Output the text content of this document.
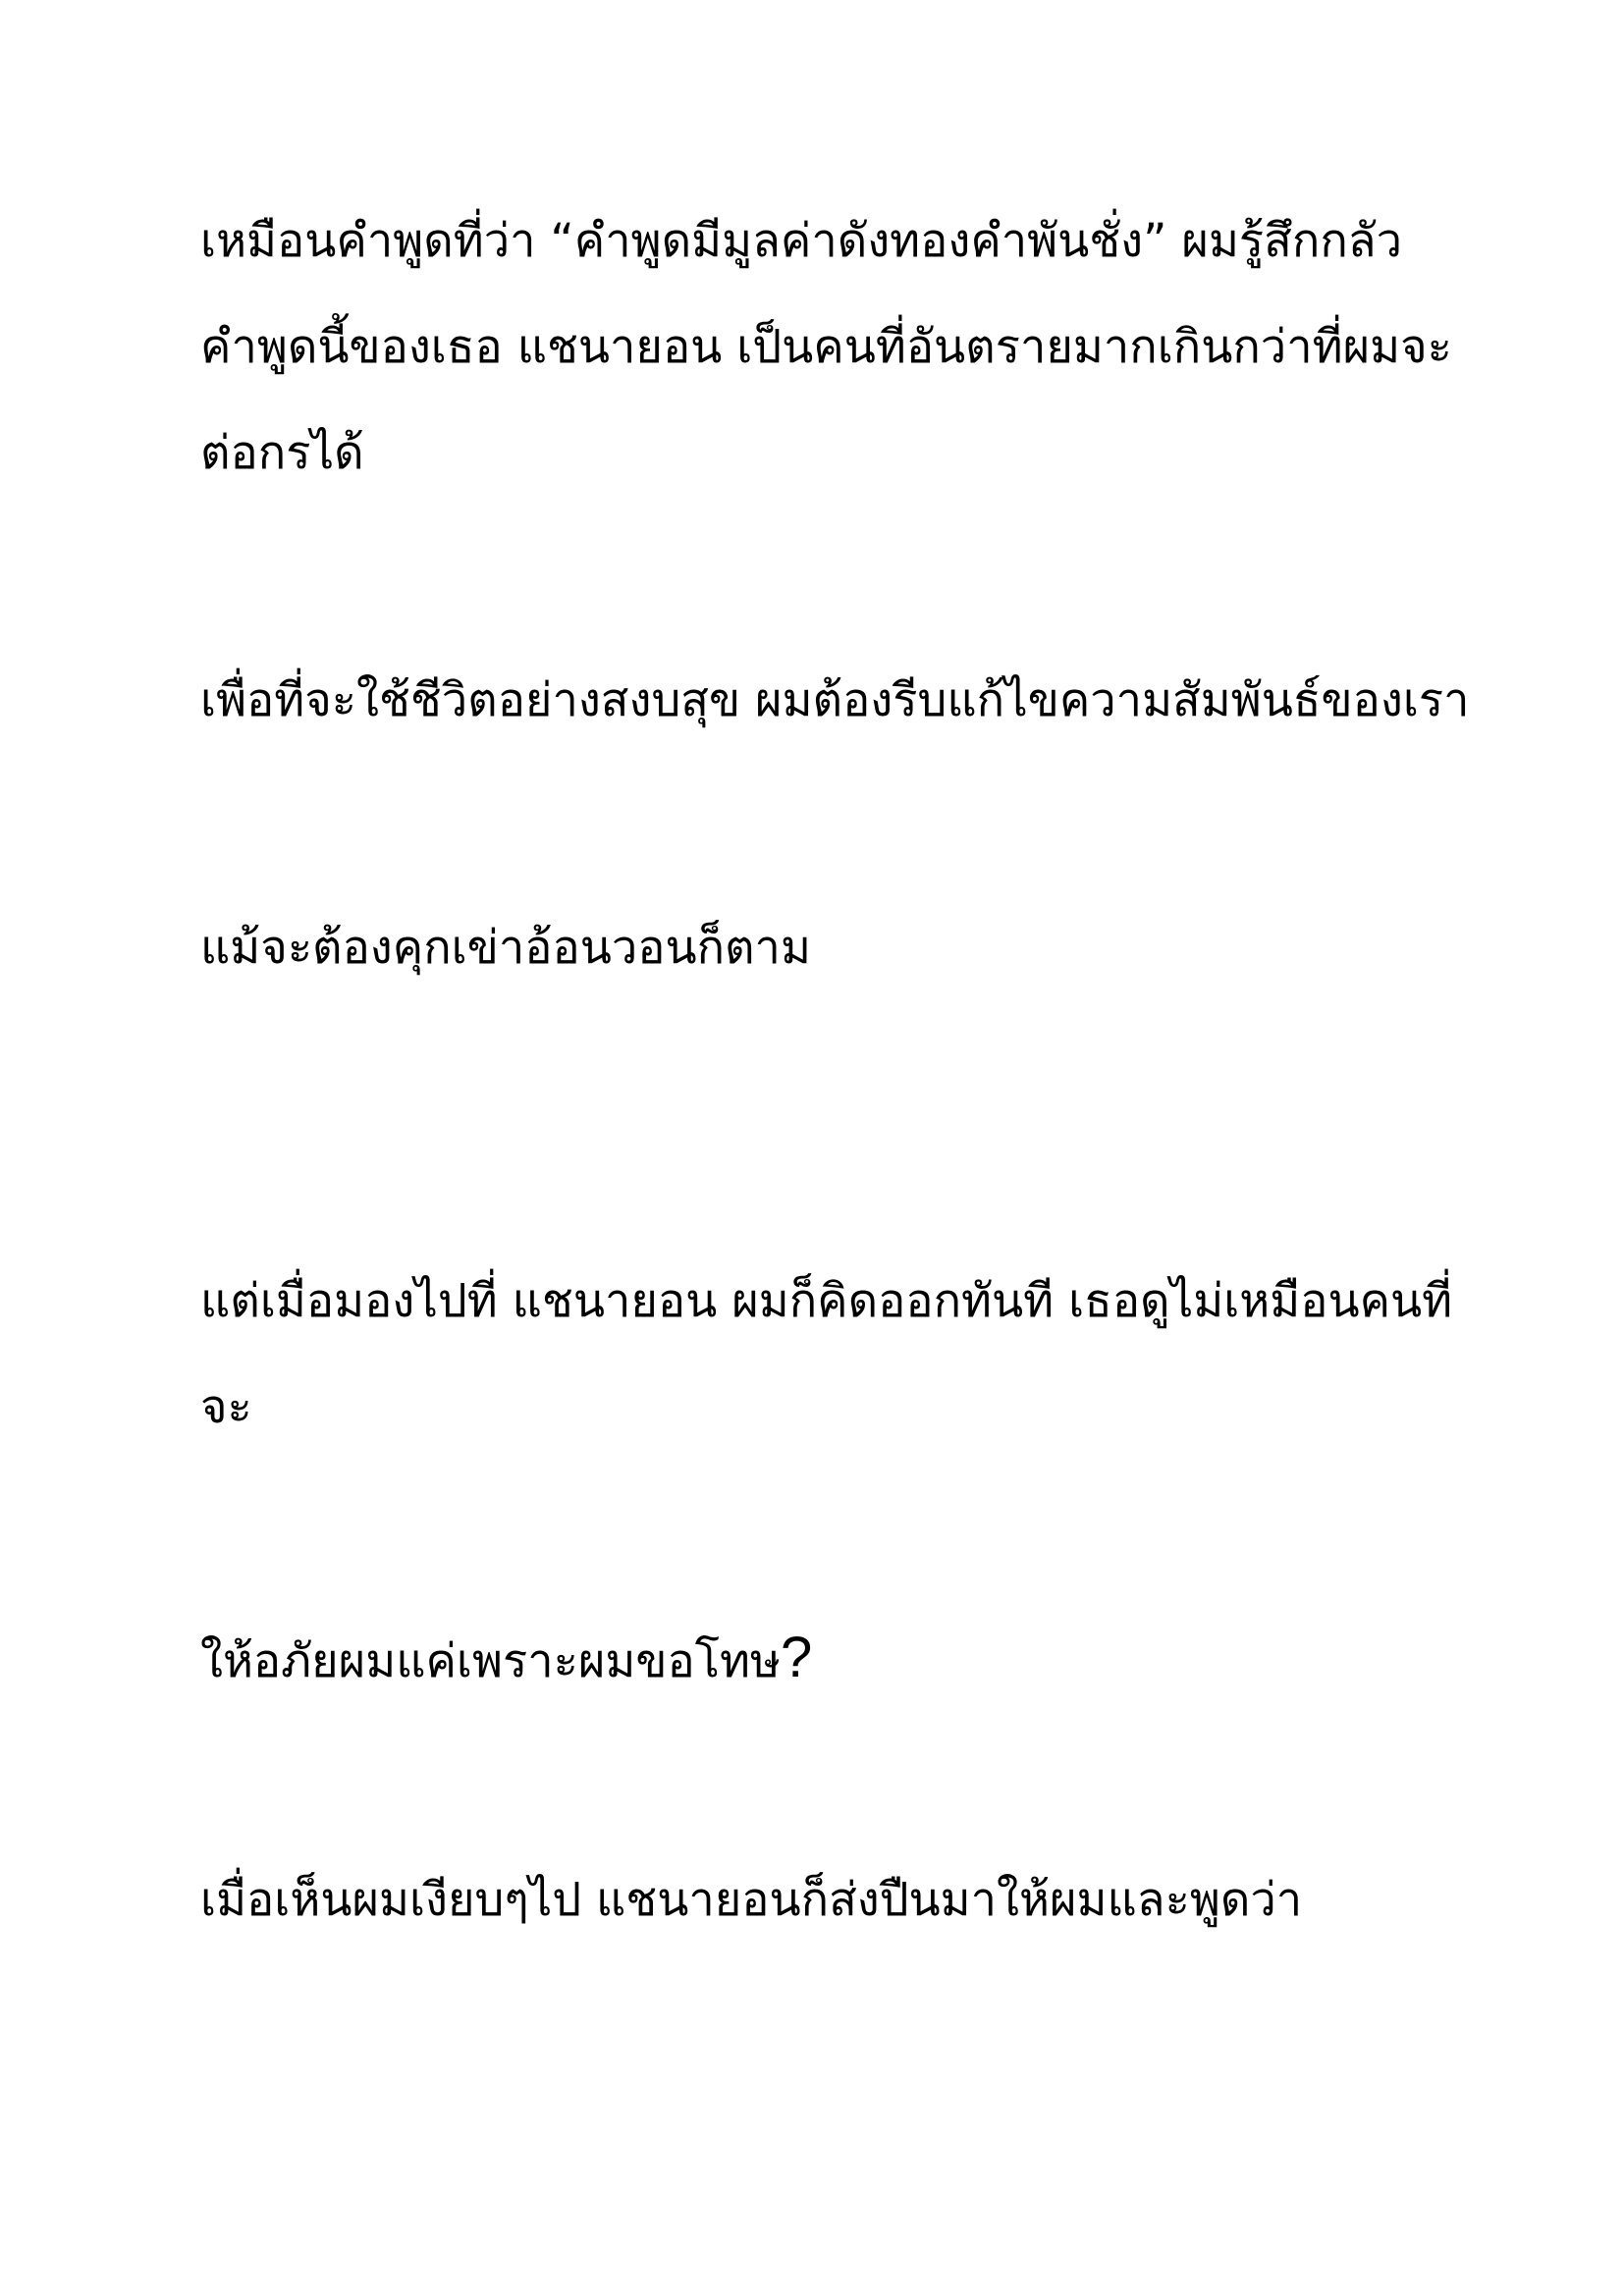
เหมือนคำพูดที่ว่า “คำพูดมีมูลค่าดังทองคำพันชั่ง” ผมรู้สึกกลัว
คำพูดนี้ของเธอ แชนายอน เป็นคนที่อันตรายมากเกินกว่าที่ผมจะ
ต่อกรได้
เพื่อที่จะใช้ชีวิตอย่างสงบสุข ผมต้องรีบแก้ไขความสัมพันธ์ของเรา
แม้จะต้องคุกเข่าอ้อนวอนก็ตาม
แต่เมื่อมองไปที่ แชนายอน ผมก็คิดออกทันที เธอดูไม่เหมือนคนที่
จะ
ให้อภัยผมแค่เพราะผมขอโทษ?
เมื่อเห็นผมเงียบๆไป แชนายอนก็ส่งปืนมาให้ผมและพูดว่า
